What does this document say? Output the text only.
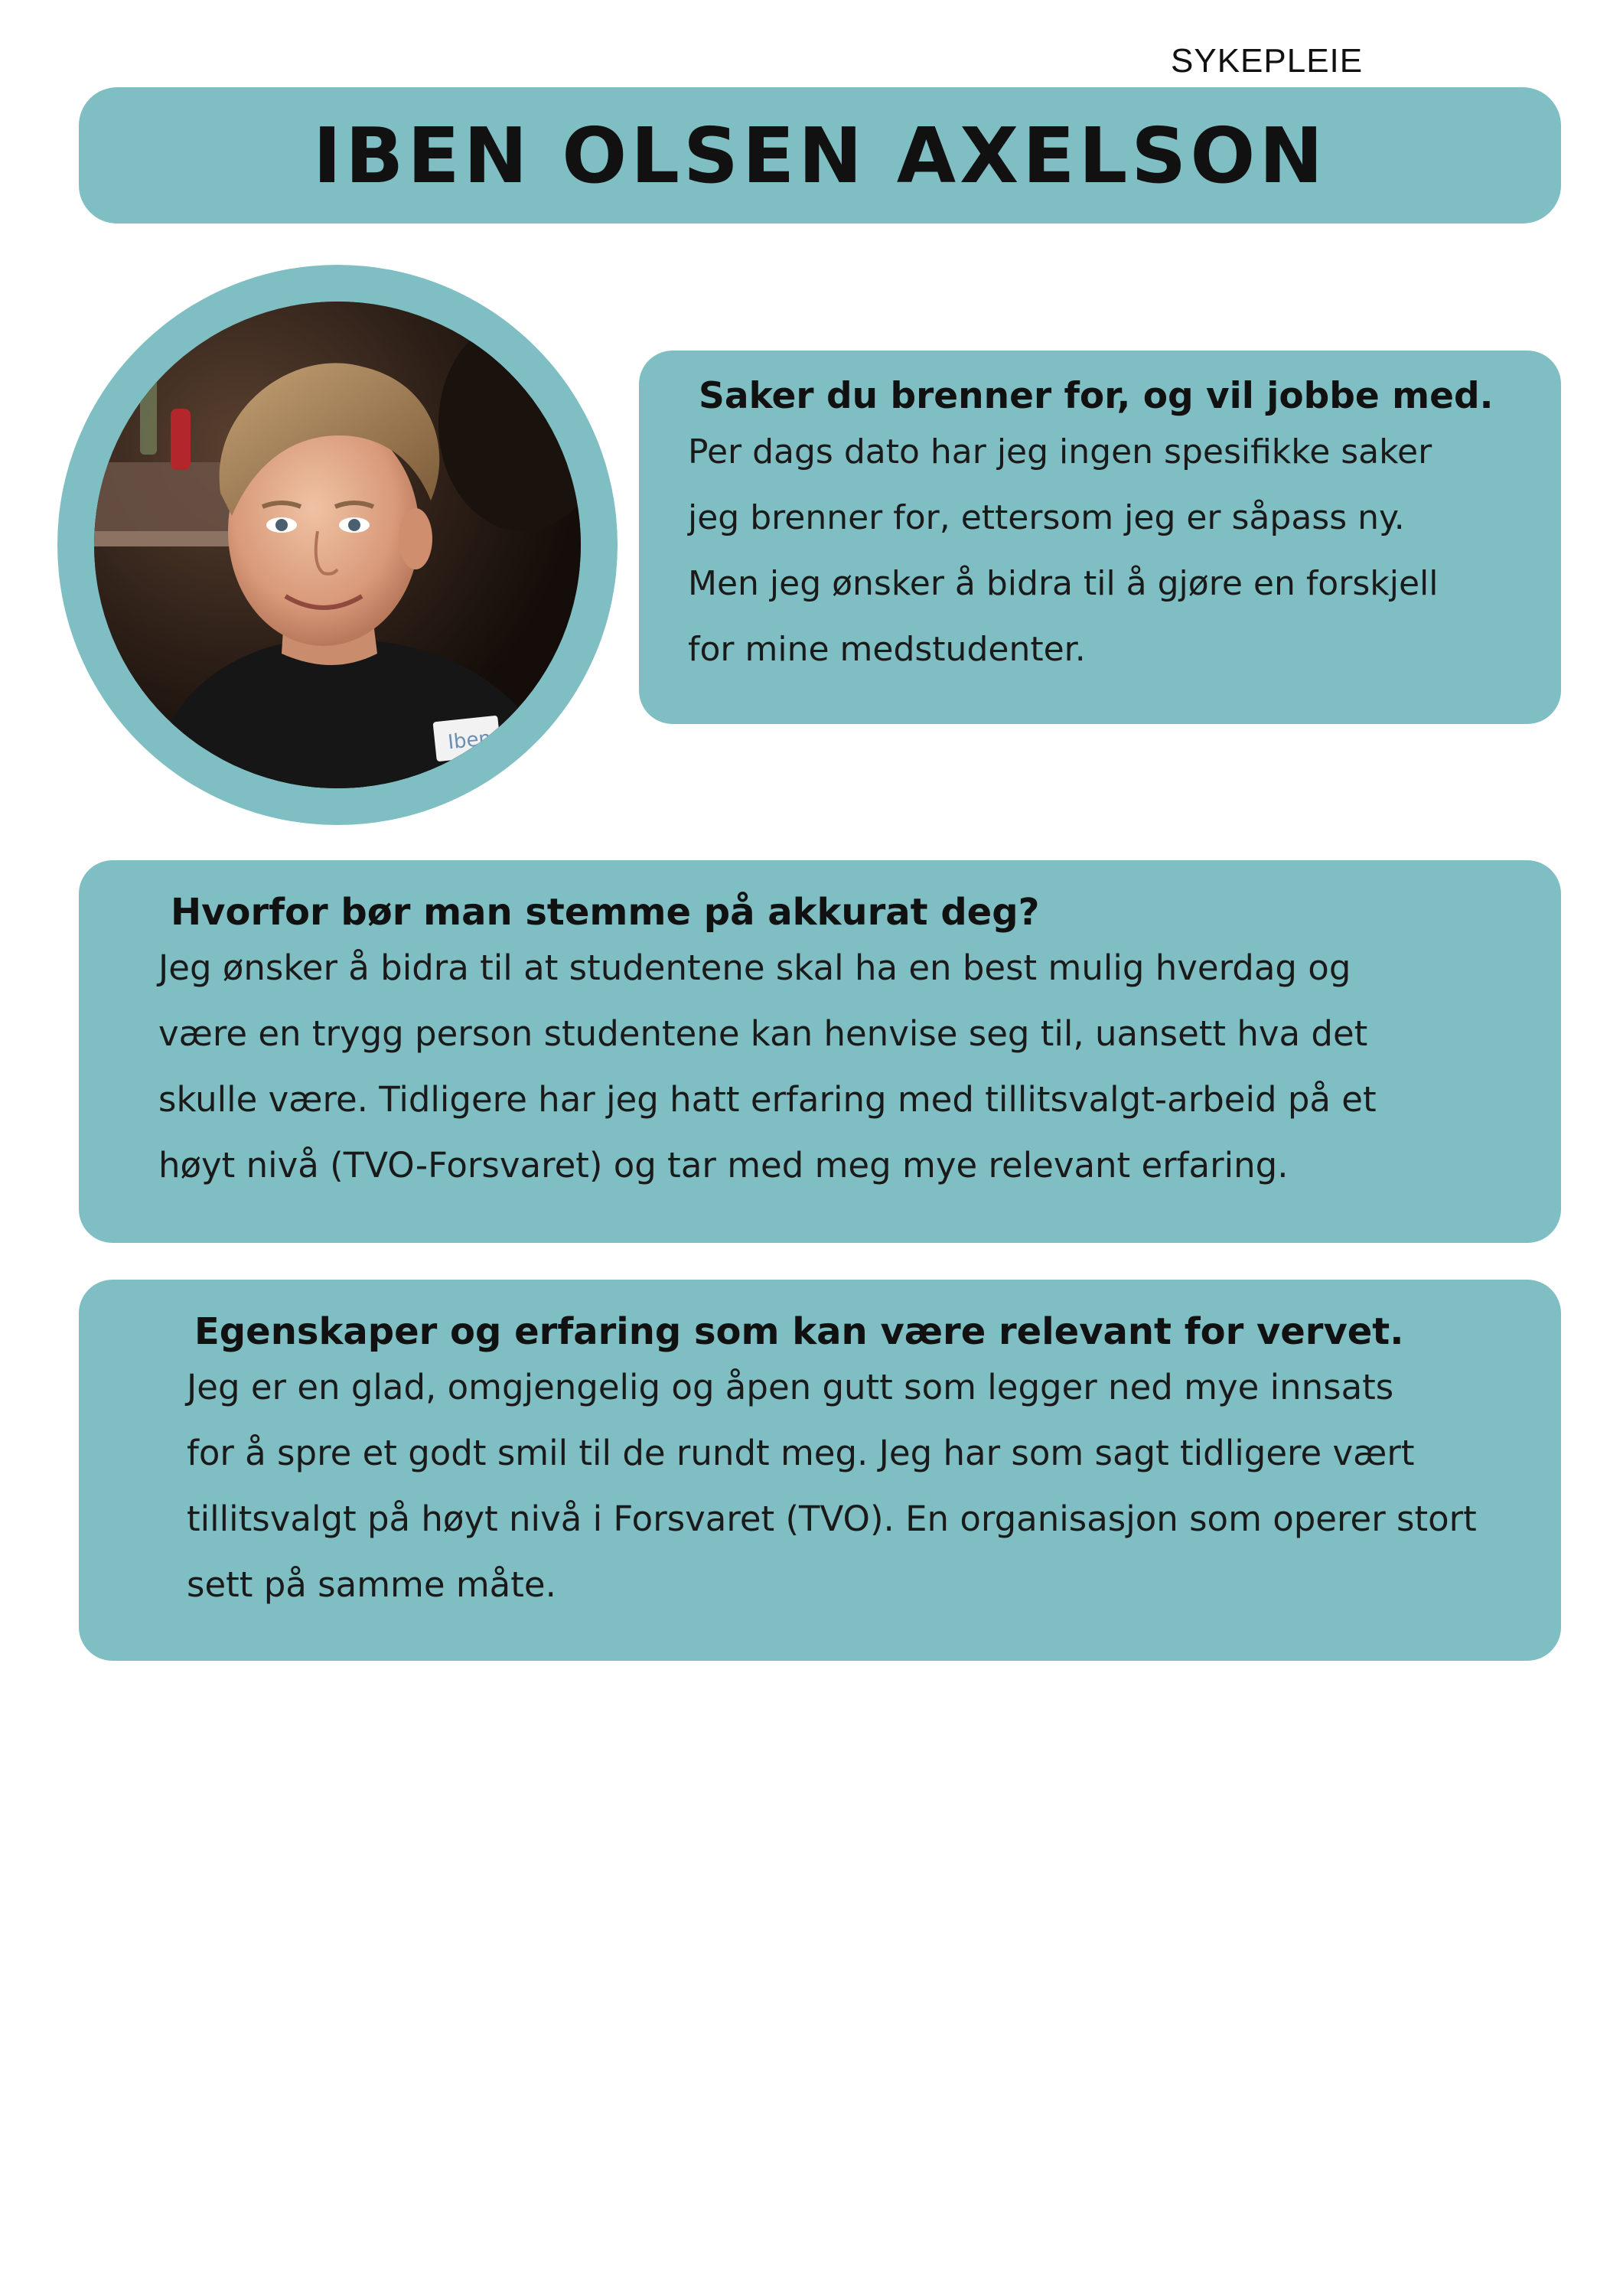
SYKEPLEIE
IBEN OLSEN AXELSON
Iben
Saker du brenner for, og vil jobbe med.

Per dags dato har jeg ingen spesifikke saker

jeg brenner for, ettersom jeg er såpass ny.

Men jeg ønsker å bidra til å gjøre en forskjell

for mine medstudenter.

Hvorfor bør man stemme på akkurat deg?

Jeg ønsker å bidra til at studentene skal ha en best mulig hverdag og

være en trygg person studentene kan henvise seg til, uansett hva det

skulle være. Tidligere har jeg hatt erfaring med tillitsvalgt-arbeid på et

høyt nivå (TVO-Forsvaret) og tar med meg mye relevant erfaring.

Egenskaper og erfaring som kan være relevant for vervet.

Jeg er en glad, omgjengelig og åpen gutt som legger ned mye innsats

for å spre et godt smil til de rundt meg. Jeg har som sagt tidligere vært

tillitsvalgt på høyt nivå i Forsvaret (TVO). En organisasjon som operer stort

sett på samme måte.
